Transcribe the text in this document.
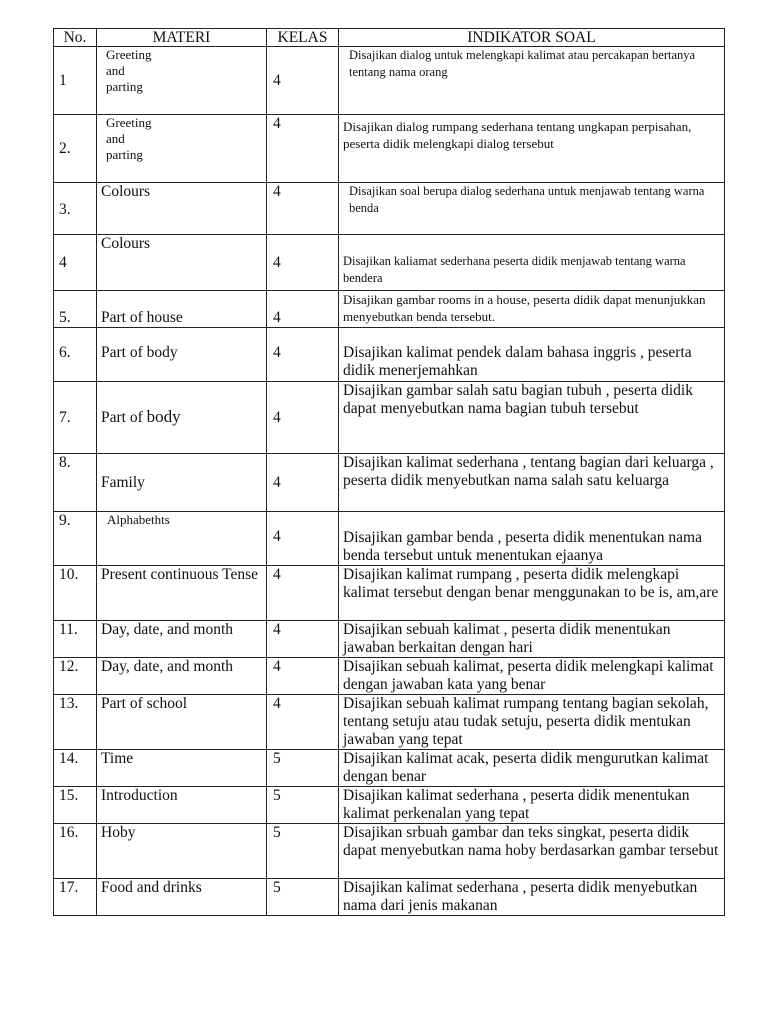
No.	MATERI	KELAS	INDIKATOR SOAL
1	Greeting
and
parting	4	Disajikan dialog untuk melengkapi kalimat atau percakapan bertanya tentang nama orang
2.	Greeting
and
parting	4	Disajikan dialog rumpang sederhana tentang ungkapan perpisahan, peserta didik melengkapi dialog tersebut
3.	Colours	4	Disajikan soal berupa dialog sederhana untuk menjawab tentang warna benda
4	Colours	4	Disajikan kaliamat sederhana peserta didik menjawab tentang warna bendera
5.	Part of house	4	Disajikan gambar rooms in a house, peserta didik dapat menunjukkan menyebutkan benda tersebut.
6.	Part of body	4	Disajikan kalimat pendek dalam bahasa inggris , peserta didik menerjemahkan
7.	Part of body	4	Disajikan gambar salah satu bagian tubuh , peserta didik dapat menyebutkan nama bagian tubuh tersebut
8.	Family	4	Disajikan kalimat sederhana , tentang bagian dari keluarga , peserta didik menyebutkan nama salah satu keluarga
9.	Alphabethts	4	Disajikan gambar benda , peserta didik menentukan nama benda tersebut untuk menentukan ejaanya
10.	Present continuous Tense	4	Disajikan kalimat rumpang , peserta didik melengkapi kalimat tersebut dengan benar menggunakan to be is, am,are
11.	Day, date, and month	4	Disajikan sebuah kalimat , peserta didik menentukan jawaban berkaitan dengan hari
12.	Day, date, and month	4	Disajikan sebuah kalimat, peserta didik melengkapi kalimat dengan jawaban kata yang benar
13.	Part of school	4	Disajikan sebuah kalimat rumpang tentang bagian sekolah, tentang setuju atau tudak setuju, peserta didik mentukan jawaban yang tepat
14.	Time	5	Disajikan kalimat acak, peserta didik mengurutkan kalimat dengan benar
15.	Introduction	5	Disajikan kalimat sederhana , peserta didik menentukan kalimat perkenalan yang tepat
16.	Hoby	5	Disajikan srbuah gambar dan teks singkat, peserta didik dapat menyebutkan nama hoby berdasarkan gambar tersebut
17.	Food and drinks	5	Disajikan kalimat sederhana , peserta didik menyebutkan nama dari jenis makanan
